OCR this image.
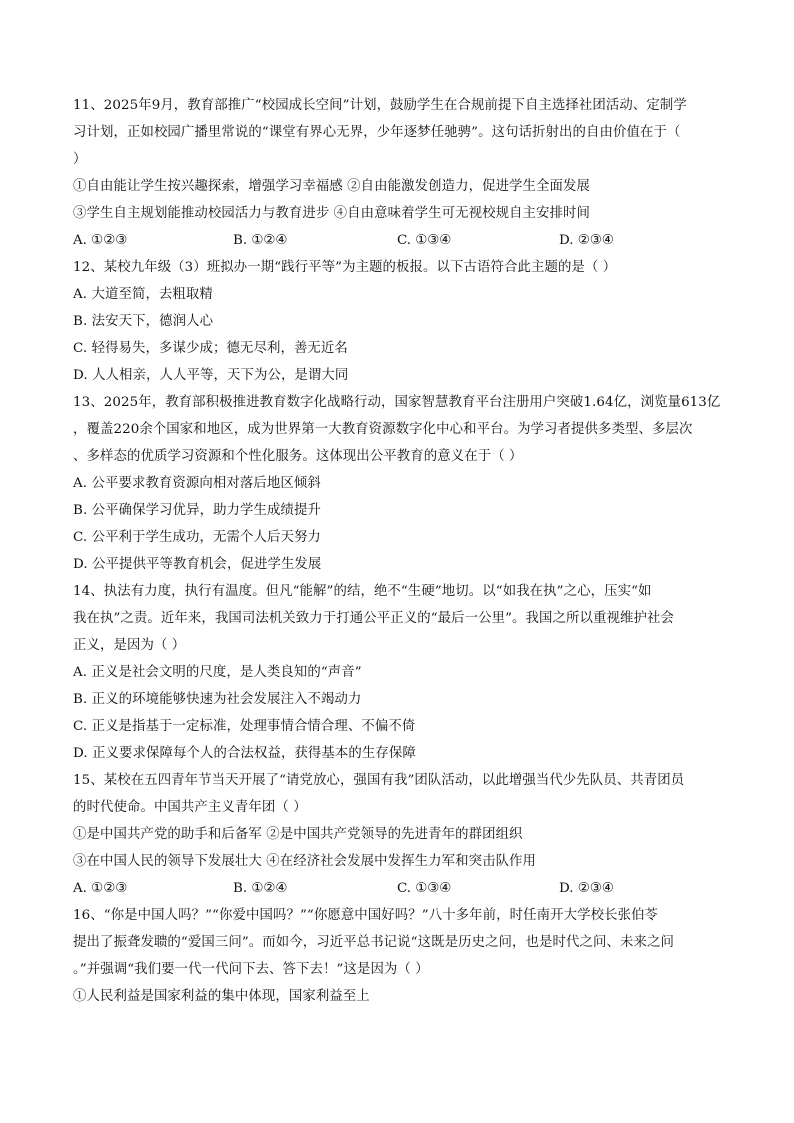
11、2025年9月，教育部推广“校园成长空间”计划，鼓励学生在合规前提下自主选择社团活动、定制学
习计划，正如校园广播里常说的“课堂有界心无界，少年逐梦任驰骋”。这句话折射出的自由价值在于（
）
①自由能让学生按兴趣探索，增强学习幸福感 ②自由能激发创造力，促进学生全面发展
③学生自主规划能推动校园活力与教育进步 ④自由意味着学生可无视校规自主安排时间
A. ①②③	B. ①②④	C. ①③④	D. ②③④
12、某校九年级（3）班拟办一期“践行平等”为主题的板报。以下古语符合此主题的是（ ）
A. 大道至简，去粗取精
B. 法安天下，德润人心
C. 轻得易失，多谋少成；德无尽利，善无近名
D. 人人相亲，人人平等，天下为公，是谓大同
13、2025年，教育部积极推进教育数字化战略行动，国家智慧教育平台注册用户突破1.64亿，浏览量613亿
，覆盖220余个国家和地区，成为世界第一大教育资源数字化中心和平台。为学习者提供多类型、多层次
、多样态的优质学习资源和个性化服务。这体现出公平教育的意义在于（ ）
A. 公平要求教育资源向相对落后地区倾斜
B. 公平确保学习优异，助力学生成绩提升
C. 公平利于学生成功，无需个人后天努力
D. 公平提供平等教育机会，促进学生发展
14、执法有力度，执行有温度。但凡“能解”的结，绝不“生硬”地切。以“如我在执”之心，压实“如
我在执”之责。近年来，我国司法机关致力于打通公平正义的“最后一公里”。我国之所以重视维护社会
正义，是因为（ ）
A. 正义是社会文明的尺度，是人类良知的“声音”
B. 正义的环境能够快速为社会发展注入不竭动力
C. 正义是指基于一定标准，处理事情合情合理、不偏不倚
D. 正义要求保障每个人的合法权益，获得基本的生存保障
15、某校在五四青年节当天开展了“请党放心，强国有我”团队活动，以此增强当代少先队员、共青团员
的时代使命。中国共产主义青年团（ ）
①是中国共产党的助手和后备军 ②是中国共产党领导的先进青年的群团组织
③在中国人民的领导下发展壮大 ④在经济社会发展中发挥生力军和突击队作用
A. ①②③	B. ①②④	C. ①③④	D. ②③④
16、“你是中国人吗？”“你爱中国吗？”“你愿意中国好吗？”八十多年前，时任南开大学校长张伯苓
提出了振聋发聩的“爱国三问”。而如今，习近平总书记说“这既是历史之问，也是时代之问、未来之问
。”并强调“我们要一代一代问下去、答下去！”这是因为（ ）
①人民利益是国家利益的集中体现，国家利益至上
